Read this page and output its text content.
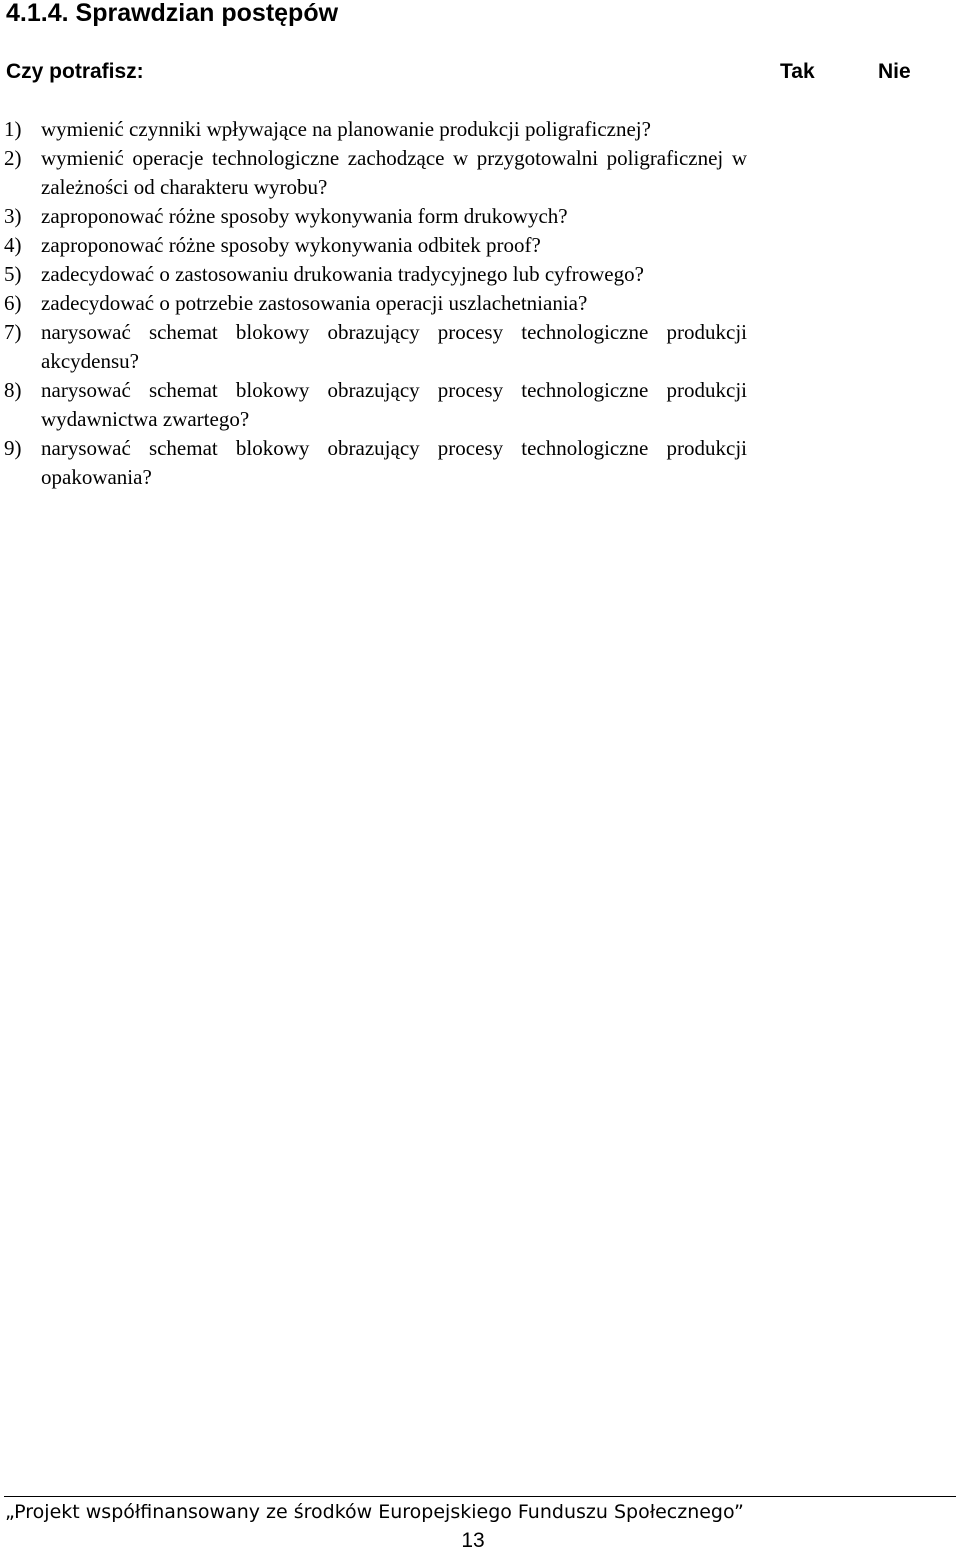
4.1.4. Sprawdzian postępów
Czy potrafisz:	Tak	Nie
1) wymienić czynniki wpływające na planowanie produkcji poligraficznej?
2) wymienić operacje technologiczne zachodzące w przygotowalni poligraficznej w zależności od charakteru wyrobu?
3) zaproponować różne sposoby wykonywania form drukowych?
4) zaproponować różne sposoby wykonywania odbitek proof?
5) zadecydować o zastosowaniu drukowania tradycyjnego lub cyfrowego?
6) zadecydować o potrzebie zastosowania operacji uszlachetniania?
7) narysować schemat blokowy obrazujący procesy technologiczne produkcji akcydensu?
8) narysować schemat blokowy obrazujący procesy technologiczne produkcji wydawnictwa zwartego?
9) narysować schemat blokowy obrazujący procesy technologiczne produkcji opakowania?
„Projekt współfinansowany ze środków Europejskiego Funduszu Społecznego”
13
